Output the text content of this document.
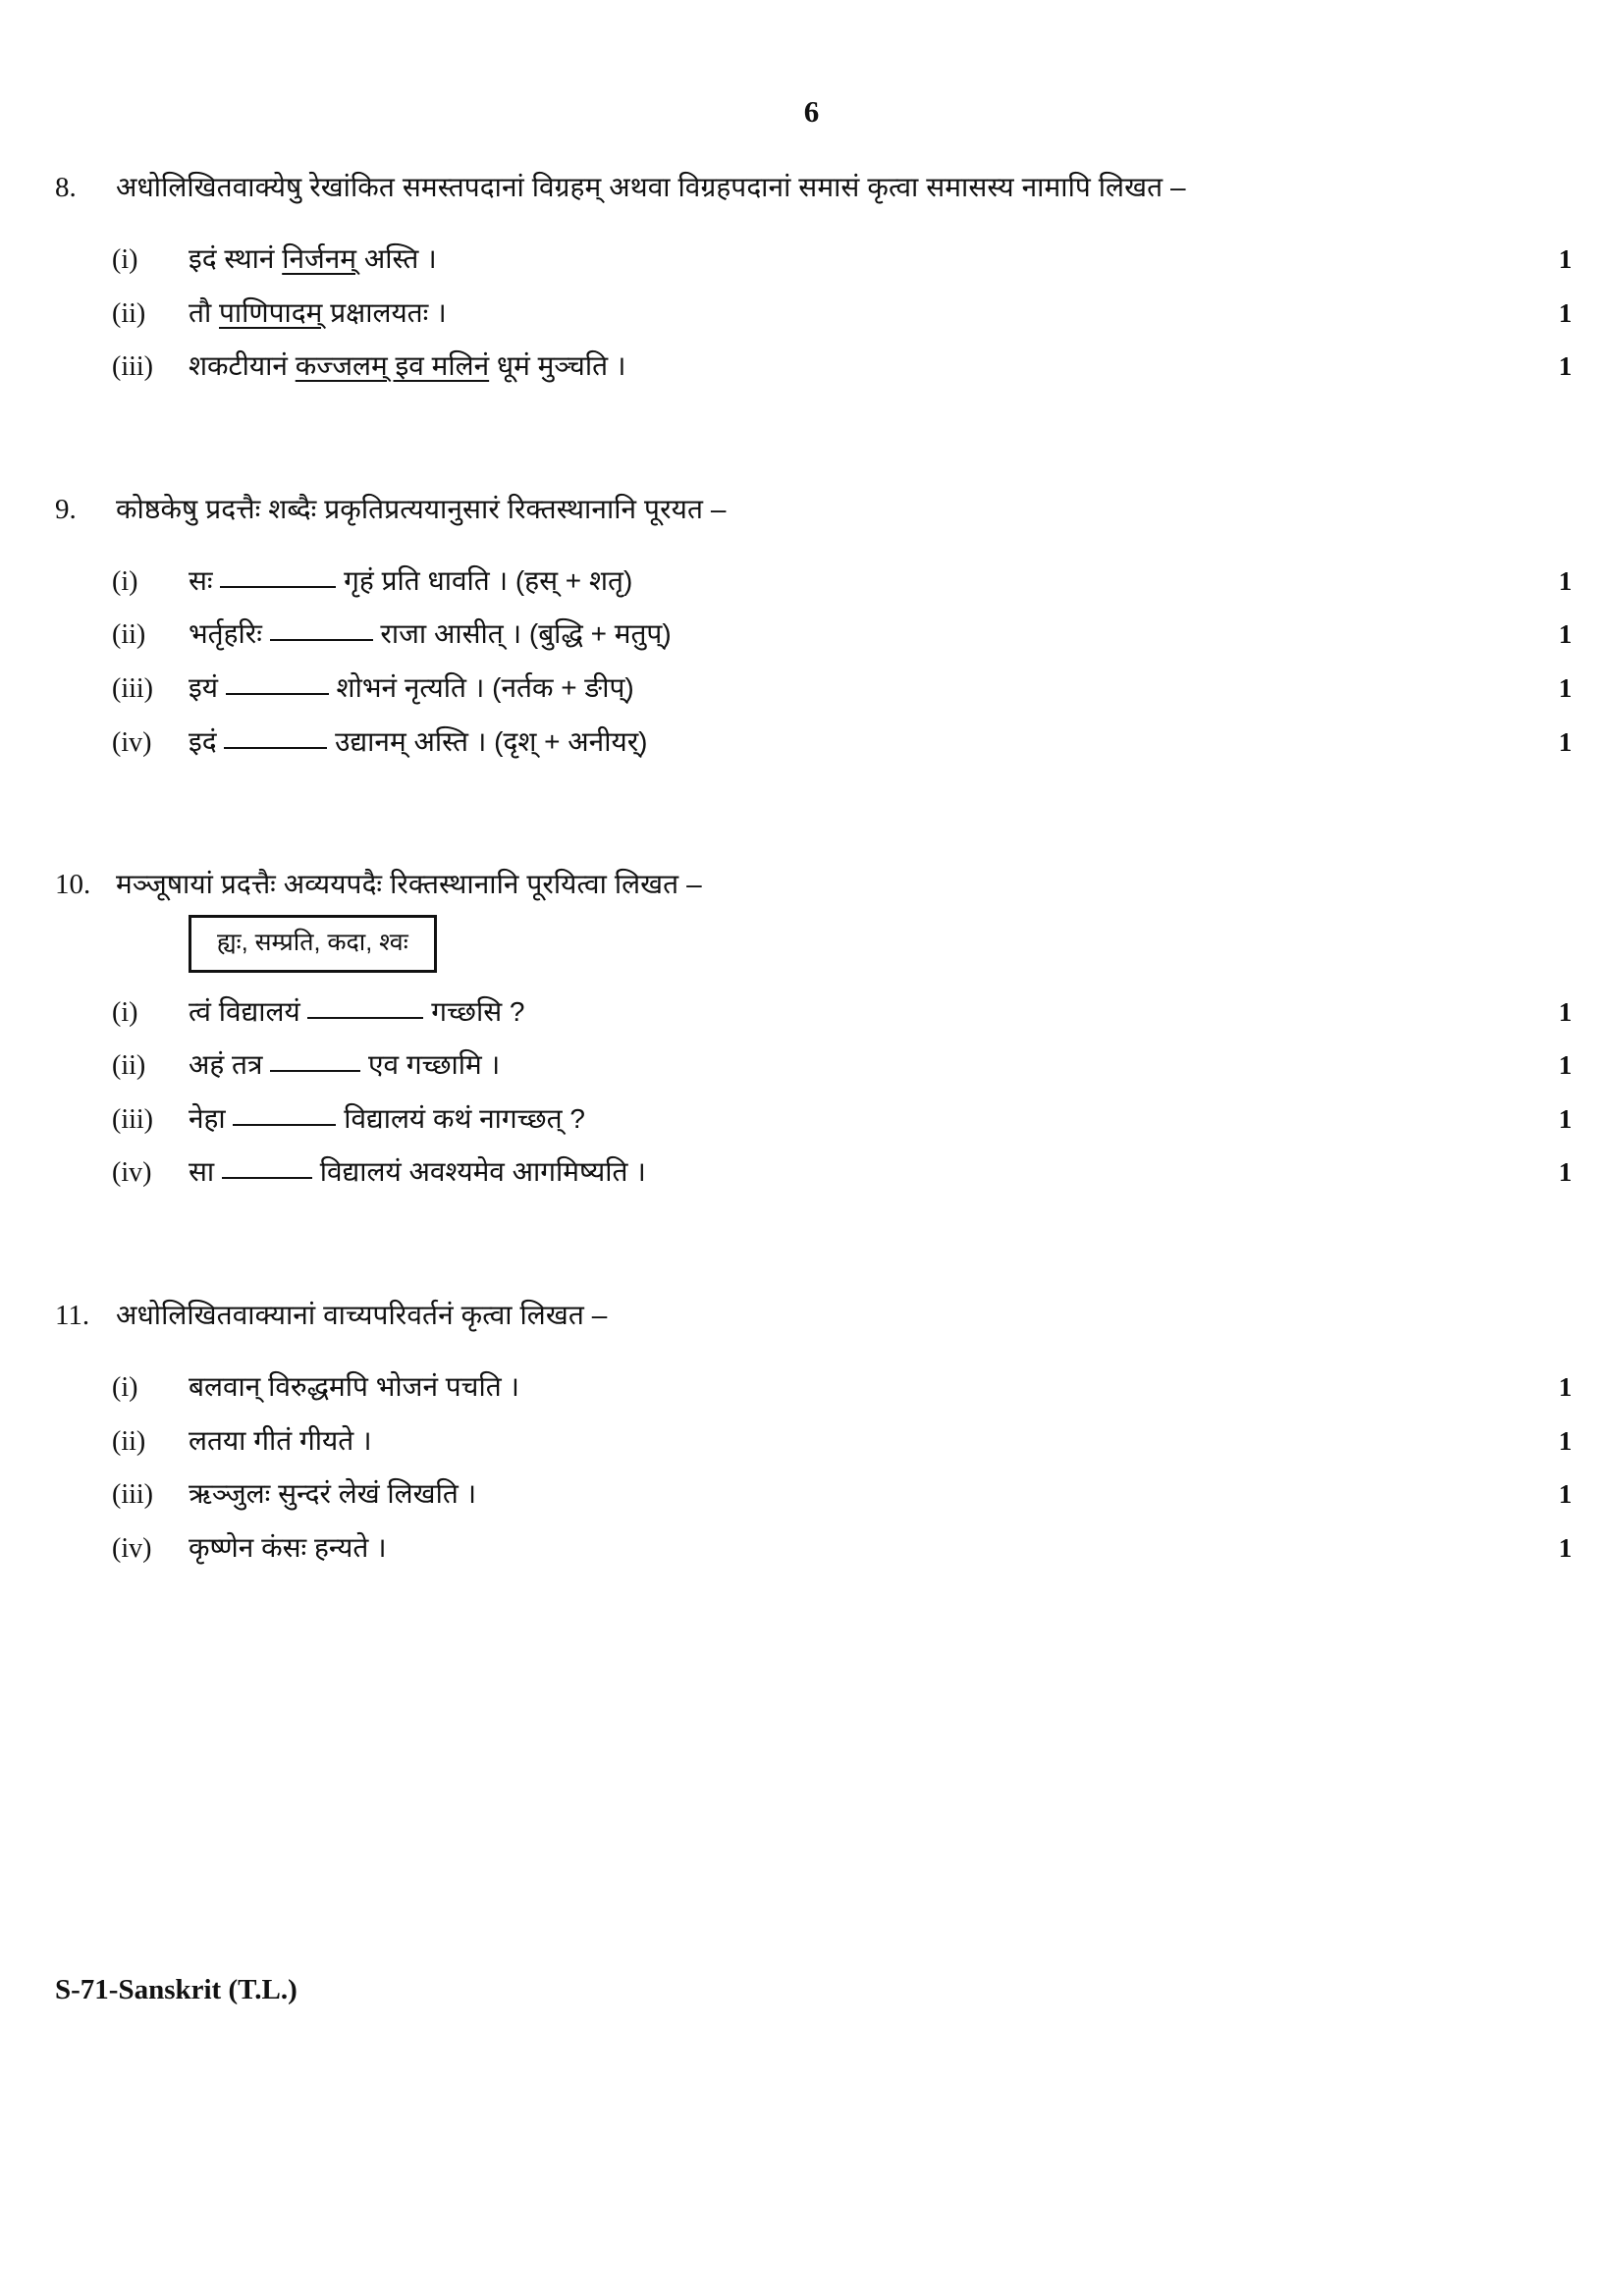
6
8.	अधोलिखितवाक्येषु रेखांकित समस्तपदानां विग्रहम् अथवा विग्रहपदानां समासं कृत्वा समासस्य नामापि लिखत –
(i)	इदं स्थानं निर्जनम् अस्ति ।	1
(ii)	तौ पाणिपादम् प्रक्षालयतः ।	1
(iii)	शकटीयानं कज्जलम् इव मलिनं धूमं मुञ्चति ।	1
9.	कोष्ठकेषु प्रदत्तैः शब्दैः प्रकृतिप्रत्ययानुसारं रिक्तस्थानानि पूरयत –
(i)	सः	गृहं प्रति धावति । (हस् + शतृ)	1
(ii)	भर्तृहरिः	राजा आसीत् । (बुद्धि + मतुप्)	1
(iii)	इयं	शोभनं नृत्यति । (नर्तक + ङीप्)	1
(iv)	इदं	उद्यानम् अस्ति । (दृश् + अनीयर्)	1
10. मञ्जूषायां प्रदत्तैः अव्ययपदैः रिक्तस्थानानि पूरयित्वा लिखत –
ह्यः, सम्प्रति, कदा, श्वः
(i)	त्वं विद्यालयं	गच्छसि ?	1
(ii)	अहं तत्र	एव गच्छामि ।	1
(iii)	नेहा	विद्यालयं कथं नागच्छत् ?	1
(iv)	सा	विद्यालयं अवश्यमेव आगमिष्यति ।	1
11. अधोलिखितवाक्यानां वाच्यपरिवर्तनं कृत्वा लिखत –
(i)	बलवान् विरुद्धमपि भोजनं पचति ।	1
(ii)	लतया गीतं गीयते ।	1
(iii)	ऋञ्जुलः सुन्दरं लेखं लिखति ।	1
(iv)	कृष्णेन कंसः हन्यते ।	1
S-71-Sanskrit (T.L.)
